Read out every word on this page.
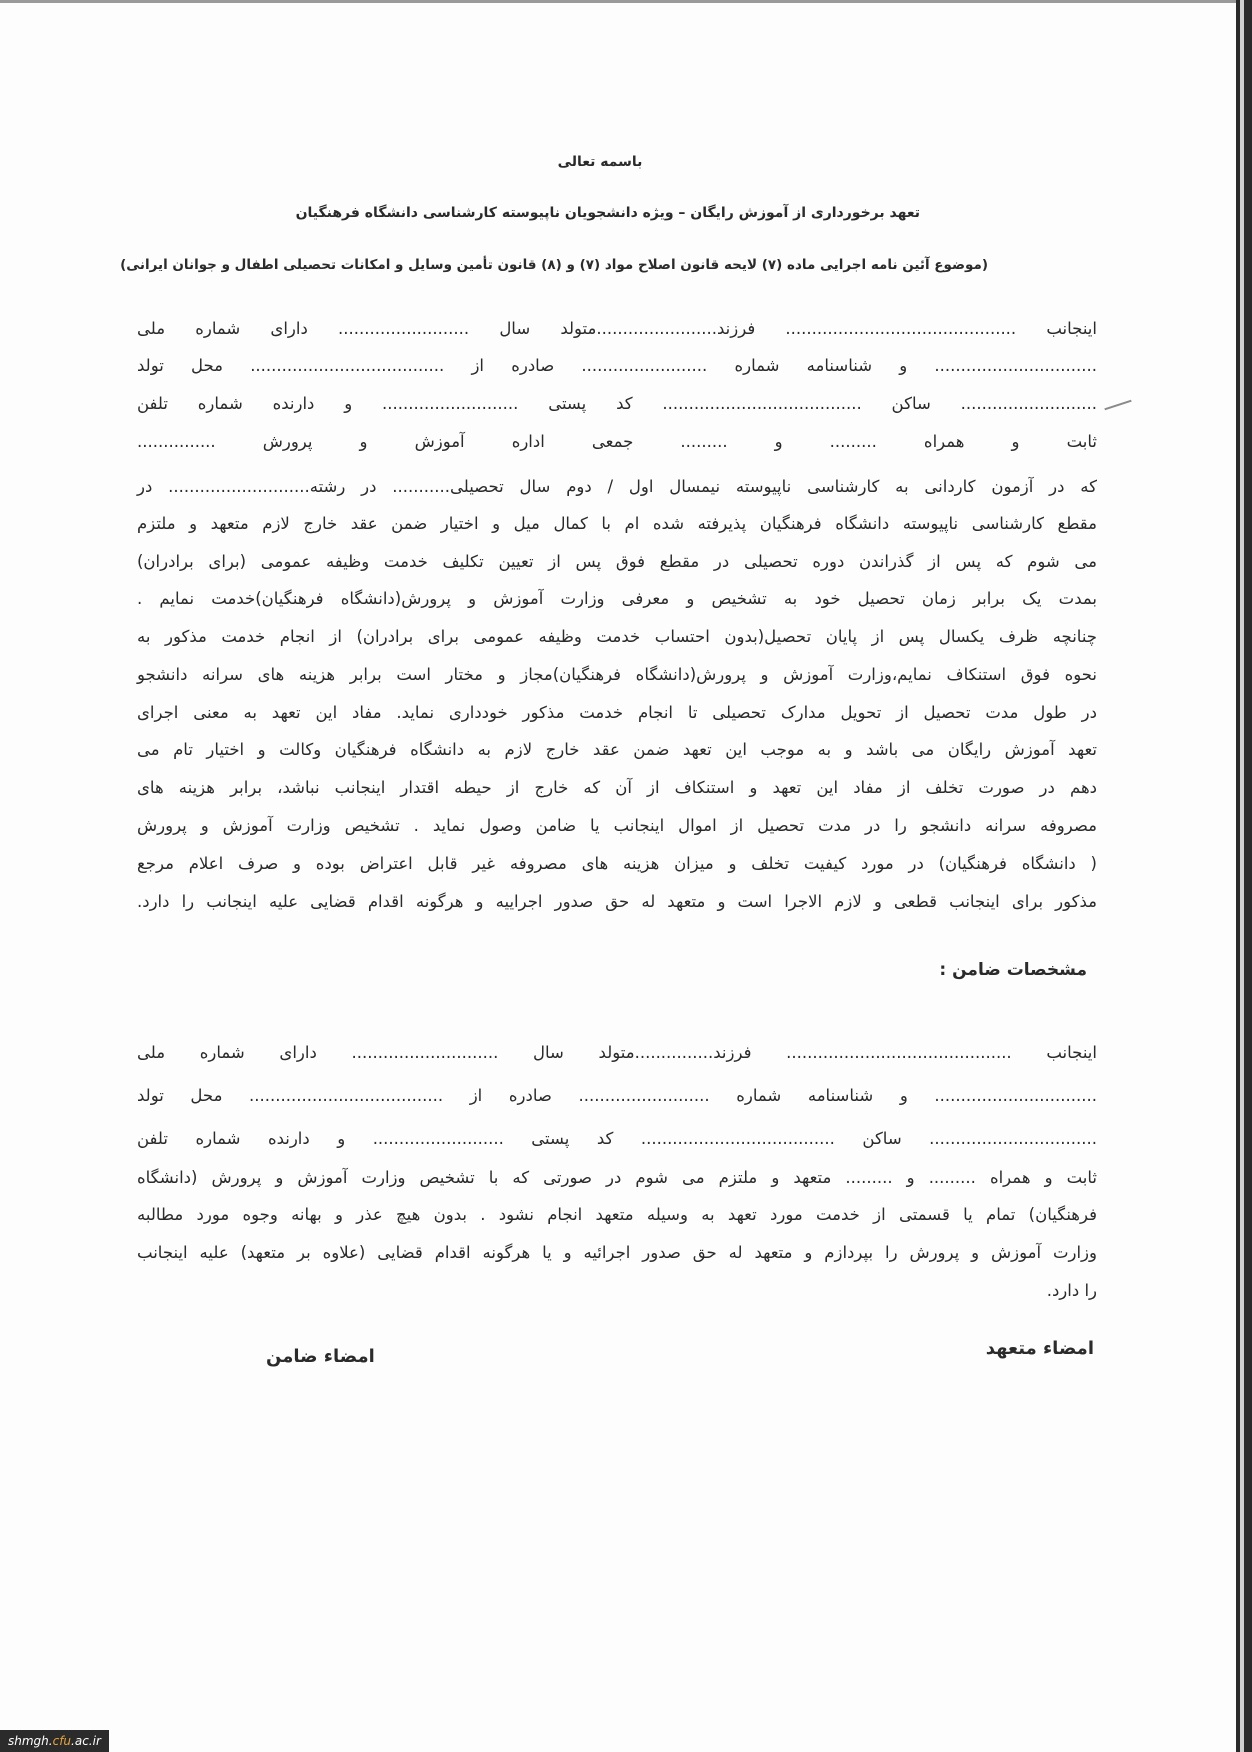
باسمه تعالی
تعهد برخورداری از آموزش رایگان – ویژه دانشجویان ناپیوسته کارشناسی دانشگاه فرهنگیان
(موضوع آئین نامه اجرایی ماده (۷) لایحه قانون اصلاح مواد (۷) و (۸) قانون تأمین وسایل و امکانات تحصیلی اطفال و جوانان ایرانی)
اینجانب ............................................ فرزند.......................متولد سال ......................... دارای شماره ملی
............................... و شناسنامه شماره ........................ صادره از ..................................... محل تولد
.......................... ساکن ...................................... کد پستی .......................... و دارنده شماره تلفن
ثابت و همراه ......... و ......... جمعی اداره آموزش و پرورش ...............
که در آزمون کاردانی به کارشناسی ناپیوسته نیمسال اول / دوم سال تحصیلی........... در رشته........................... در
مقطع کارشناسی ناپیوسته دانشگاه فرهنگیان پذیرفته شده ام با کمال میل و اختیار ضمن عقد خارج لازم متعهد و ملتزم
می شوم که پس از گذراندن دوره تحصیلی در مقطع فوق پس از تعیین تکلیف خدمت وظیفه عمومی (برای برادران)
بمدت یک برابر زمان تحصیل خود به تشخیص و معرفی وزارت آموزش و پرورش(دانشگاه فرهنگیان)خدمت نمایم .
چنانچه ظرف یکسال پس از پایان تحصیل(بدون احتساب خدمت وظیفه عمومی برای برادران) از انجام خدمت مذکور به
نحوه فوق استنکاف نمایم،وزارت آموزش و پرورش(دانشگاه فرهنگیان)مجاز و مختار است برابر هزینه های سرانه دانشجو
در طول مدت تحصیل از تحویل مدارک تحصیلی تا انجام خدمت مذکور خودداری نماید. مفاد این تعهد به معنی اجرای
تعهد آموزش رایگان می باشد و به موجب این تعهد ضمن عقد خارج لازم به دانشگاه فرهنگیان وکالت و اختیار تام می
دهم در صورت تخلف از مفاد این تعهد و استنکاف از آن که خارج از حیطه اقتدار اینجانب نباشد، برابر هزینه های
مصروفه سرانه دانشجو را در مدت تحصیل از اموال اینجانب یا ضامن وصول نماید . تشخیص وزارت آموزش و پرورش
( دانشگاه فرهنگیان) در مورد کیفیت تخلف و میزان هزینه های مصروفه غیر قابل اعتراض بوده و صرف اعلام مرجع
مذکور برای اینجانب قطعی و لازم الاجرا است و متعهد له حق صدور اجراییه و هرگونه اقدام قضایی علیه اینجانب را دارد.
مشخصات ضامن :
اینجانب ........................................... فرزند...............متولد سال ............................ دارای شماره ملی
............................... و شناسنامه شماره ......................... صادره از ..................................... محل تولد
................................ ساکن ..................................... کد پستی ......................... و دارنده شماره تلفن
ثابت و همراه ......... و ......... متعهد و ملتزم می شوم در صورتی که با تشخیص وزارت آموزش و پرورش (دانشگاه
فرهنگیان) تمام یا قسمتی از خدمت مورد تعهد به وسیله متعهد انجام نشود . بدون هیچ عذر و بهانه وجوه مورد مطالبه
وزارت آموزش و پرورش را بپردازم و متعهد له حق صدور اجرائیه و یا هرگونه اقدام قضایی (علاوه بر متعهد) علیه اینجانب
را دارد.
امضاء متعهد
امضاء ضامن
shmgh.cfu.ac.ir
